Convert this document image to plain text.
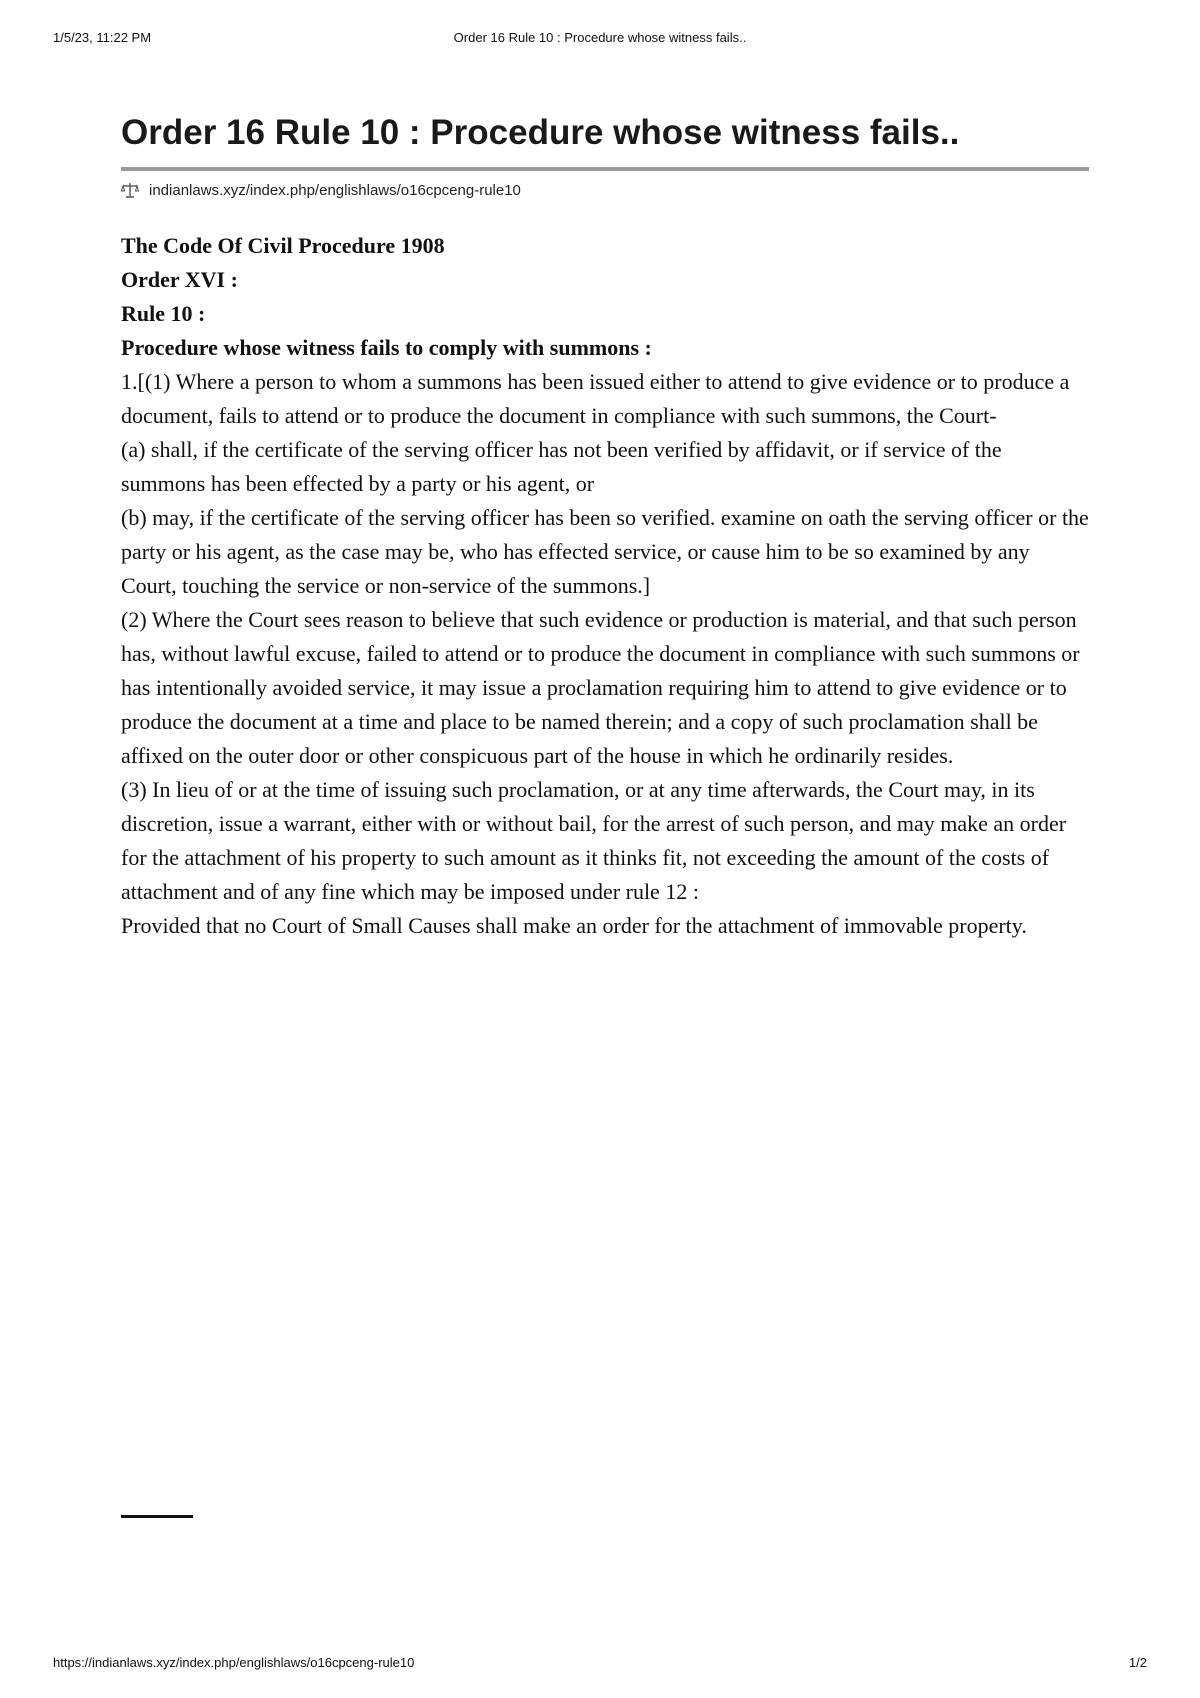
1/5/23, 11:22 PM	Order 16 Rule 10 : Procedure whose witness fails..
Order 16 Rule 10 : Procedure whose witness fails..
indianlaws.xyz/index.php/englishlaws/o16cpceng-rule10
The Code Of Civil Procedure 1908
Order XVI :
Rule 10 :
Procedure whose witness fails to comply with summons :
1.[(1) Where a person to whom a summons has been issued either to attend to give evidence or to produce a document, fails to attend or to produce the document in compliance with such summons, the Court-
(a) shall, if the certificate of the serving officer has not been verified by affidavit, or if service of the summons has been effected by a party or his agent, or
(b) may, if the certificate of the serving officer has been so verified. examine on oath the serving officer or the party or his agent, as the case may be, who has effected service, or cause him to be so examined by any Court, touching the service or non-service of the summons.]
(2) Where the Court sees reason to believe that such evidence or production is material, and that such person has, without lawful excuse, failed to attend or to produce the document in compliance with such summons or has intentionally avoided service, it may issue a proclamation requiring him to attend to give evidence or to produce the document at a time and place to be named therein; and a copy of such proclamation shall be affixed on the outer door or other conspicuous part of the house in which he ordinarily resides.
(3) In lieu of or at the time of issuing such proclamation, or at any time afterwards, the Court may, in its discretion, issue a warrant, either with or without bail, for the arrest of such person, and may make an order for the attachment of his property to such amount as it thinks fit, not exceeding the amount of the costs of attachment and of any fine which may be imposed under rule 12 :
Provided that no Court of Small Causes shall make an order for the attachment of immovable property.
https://indianlaws.xyz/index.php/englishlaws/o16cpceng-rule10	1/2
